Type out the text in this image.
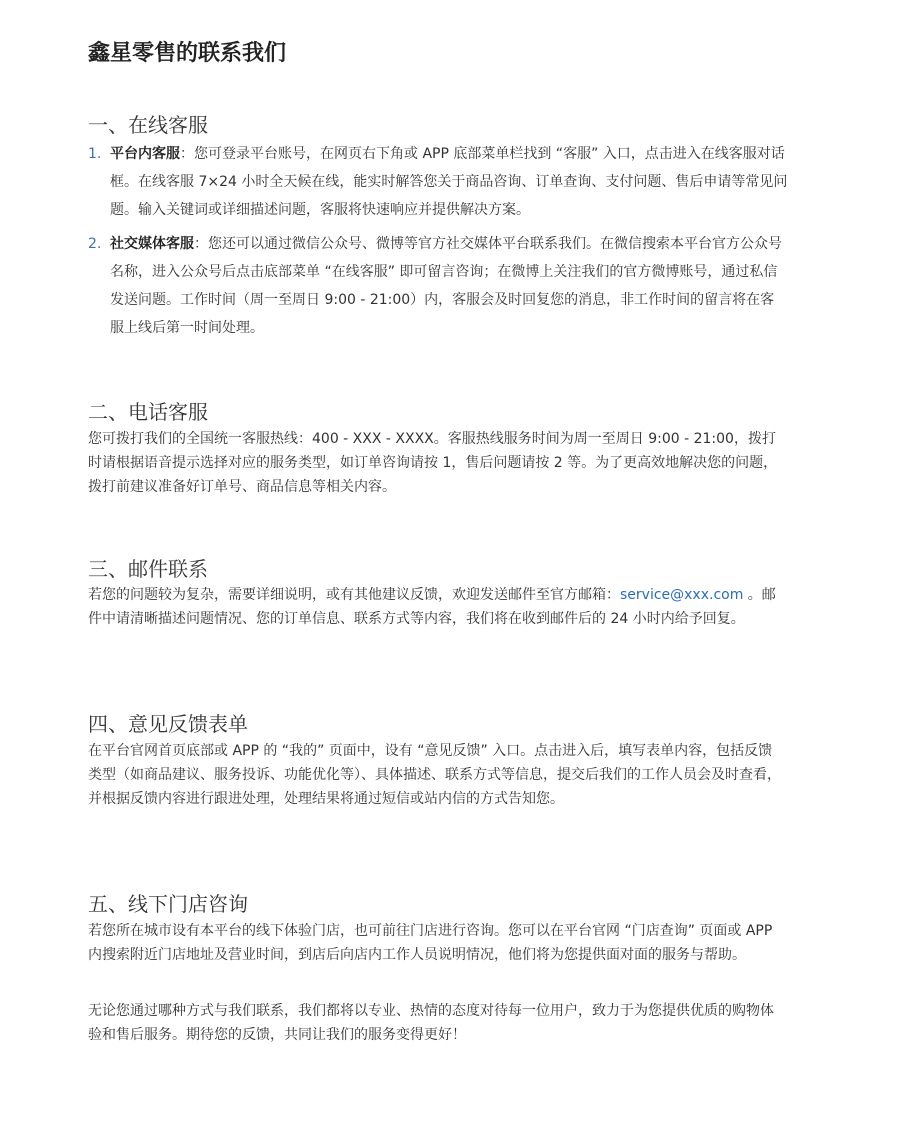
鑫星零售的联系我们
一、在线客服
1. 平台内客服：您可登录平台账号，在网页右下角或 APP 底部菜单栏找到 “客服” 入口，点击进入在线客服对话框。在线客服 7×24 小时全天候在线，能实时解答您关于商品咨询、订单查询、支付问题、售后申请等常见问题。输入关键词或详细描述问题，客服将快速响应并提供解决方案。
2. 社交媒体客服：您还可以通过微信公众号、微博等官方社交媒体平台联系我们。在微信搜索本平台官方公众号名称，进入公众号后点击底部菜单 “在线客服” 即可留言咨询；在微博上关注我们的官方微博账号，通过私信发送问题。工作时间（周一至周日 9:00 - 21:00）内，客服会及时回复您的消息，非工作时间的留言将在客服上线后第一时间处理。
二、电话客服

您可拨打我们的全国统一客服热线：400 - XXX - XXXX。客服热线服务时间为周一至周日 9:00 - 21:00，拨打时请根据语音提示选择对应的服务类型，如订单咨询请按 1，售后问题请按 2 等。为了更高效地解决您的问题，拨打前建议准备好订单号、商品信息等相关内容。

三、邮件联系

若您的问题较为复杂，需要详细说明，或有其他建议反馈，欢迎发送邮件至官方邮箱：service@xxx.com 。邮件中请清晰描述问题情况、您的订单信息、联系方式等内容，我们将在收到邮件后的 24 小时内给予回复。

四、意见反馈表单

在平台官网首页底部或 APP 的 “我的” 页面中，设有 “意见反馈” 入口。点击进入后，填写表单内容，包括反馈类型（如商品建议、服务投诉、功能优化等）、具体描述、联系方式等信息，提交后我们的工作人员会及时查看，并根据反馈内容进行跟进处理，处理结果将通过短信或站内信的方式告知您。

五、线下门店咨询

若您所在城市设有本平台的线下体验门店，也可前往门店进行咨询。您可以在平台官网 “门店查询” 页面或 APP 内搜索附近门店地址及营业时间，到店后向店内工作人员说明情况，他们将为您提供面对面的服务与帮助。

无论您通过哪种方式与我们联系，我们都将以专业、热情的态度对待每一位用户，致力于为您提供优质的购物体验和售后服务。期待您的反馈，共同让我们的服务变得更好！
